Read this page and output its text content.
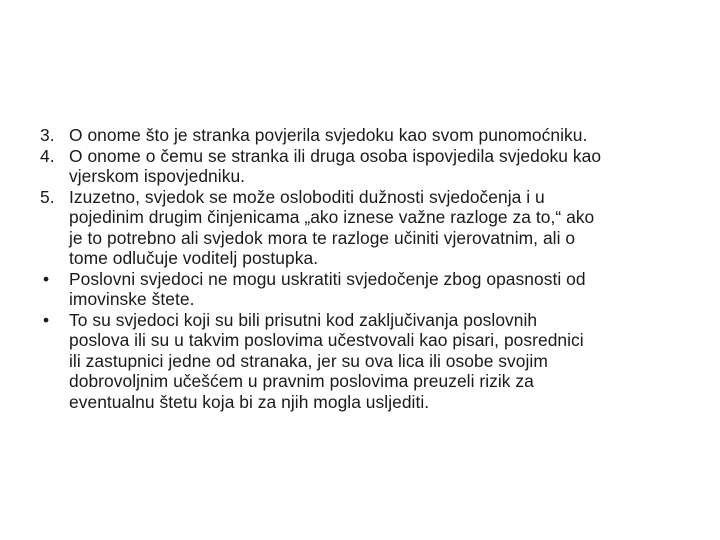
3. O onome što je stranka povjerila svjedoku kao svom punomoćniku.
4. O onome o čemu se stranka ili druga osoba ispovjedila svjedoku kao
vjerskom ispovjedniku.
5. Izuzetno, svjedok se može osloboditi dužnosti svjedočenja i u
pojedinim drugim činjenicama „ako iznese važne razloge za to,“ ako
je to potrebno ali svjedok mora te razloge učiniti vjerovatnim, ali o
tome odlučuje voditelj postupka.
•	Poslovni svjedoci ne mogu uskratiti svjedočenje zbog opasnosti od
imovinske štete.
•	To su svjedoci koji su bili prisutni kod zaključivanja poslovnih
poslova ili su u takvim poslovima učestvovali kao pisari, posrednici
ili zastupnici jedne od stranaka, jer su ova lica ili osobe svojim
dobrovoljnim učešćem u pravnim poslovima preuzeli rizik za
eventualnu štetu koja bi za njih mogla usljediti.
